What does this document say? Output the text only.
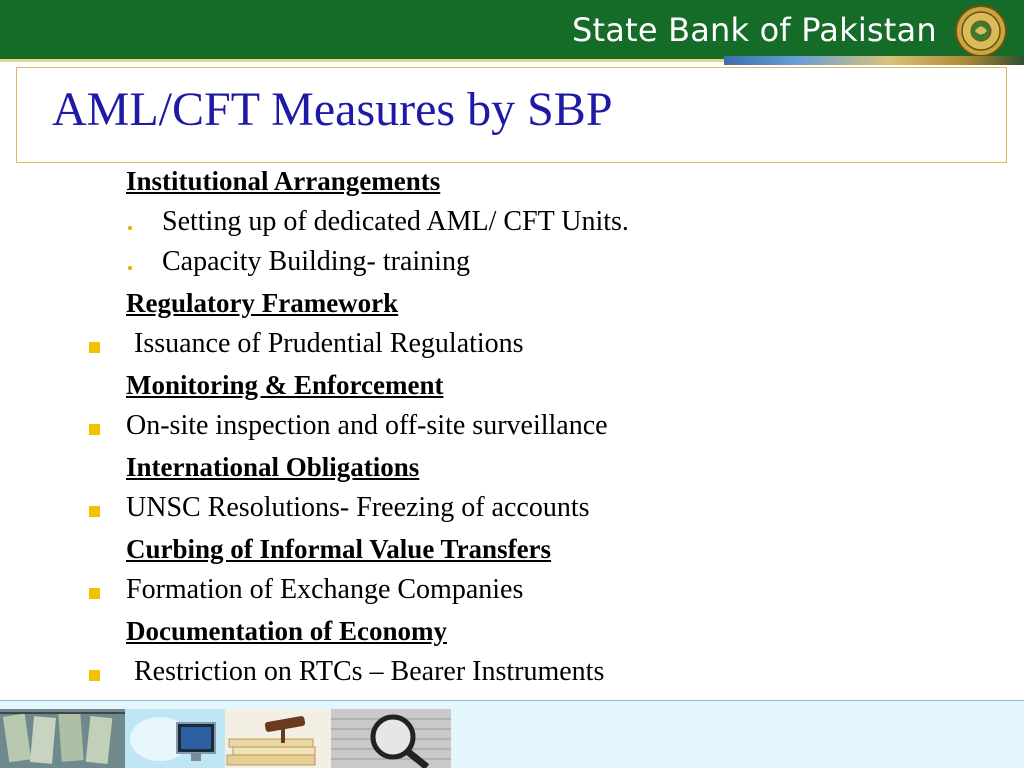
State Bank of Pakistan
AML/CFT Measures by SBP
Institutional Arrangements
Setting up of dedicated AML/ CFT Units.
Capacity Building- training
Regulatory Framework
Issuance of Prudential Regulations
Monitoring & Enforcement
On-site inspection and off-site surveillance
International Obligations
UNSC Resolutions- Freezing of accounts
Curbing of Informal Value Transfers
Formation of Exchange Companies
Documentation of Economy
Restriction on RTCs – Bearer Instruments
